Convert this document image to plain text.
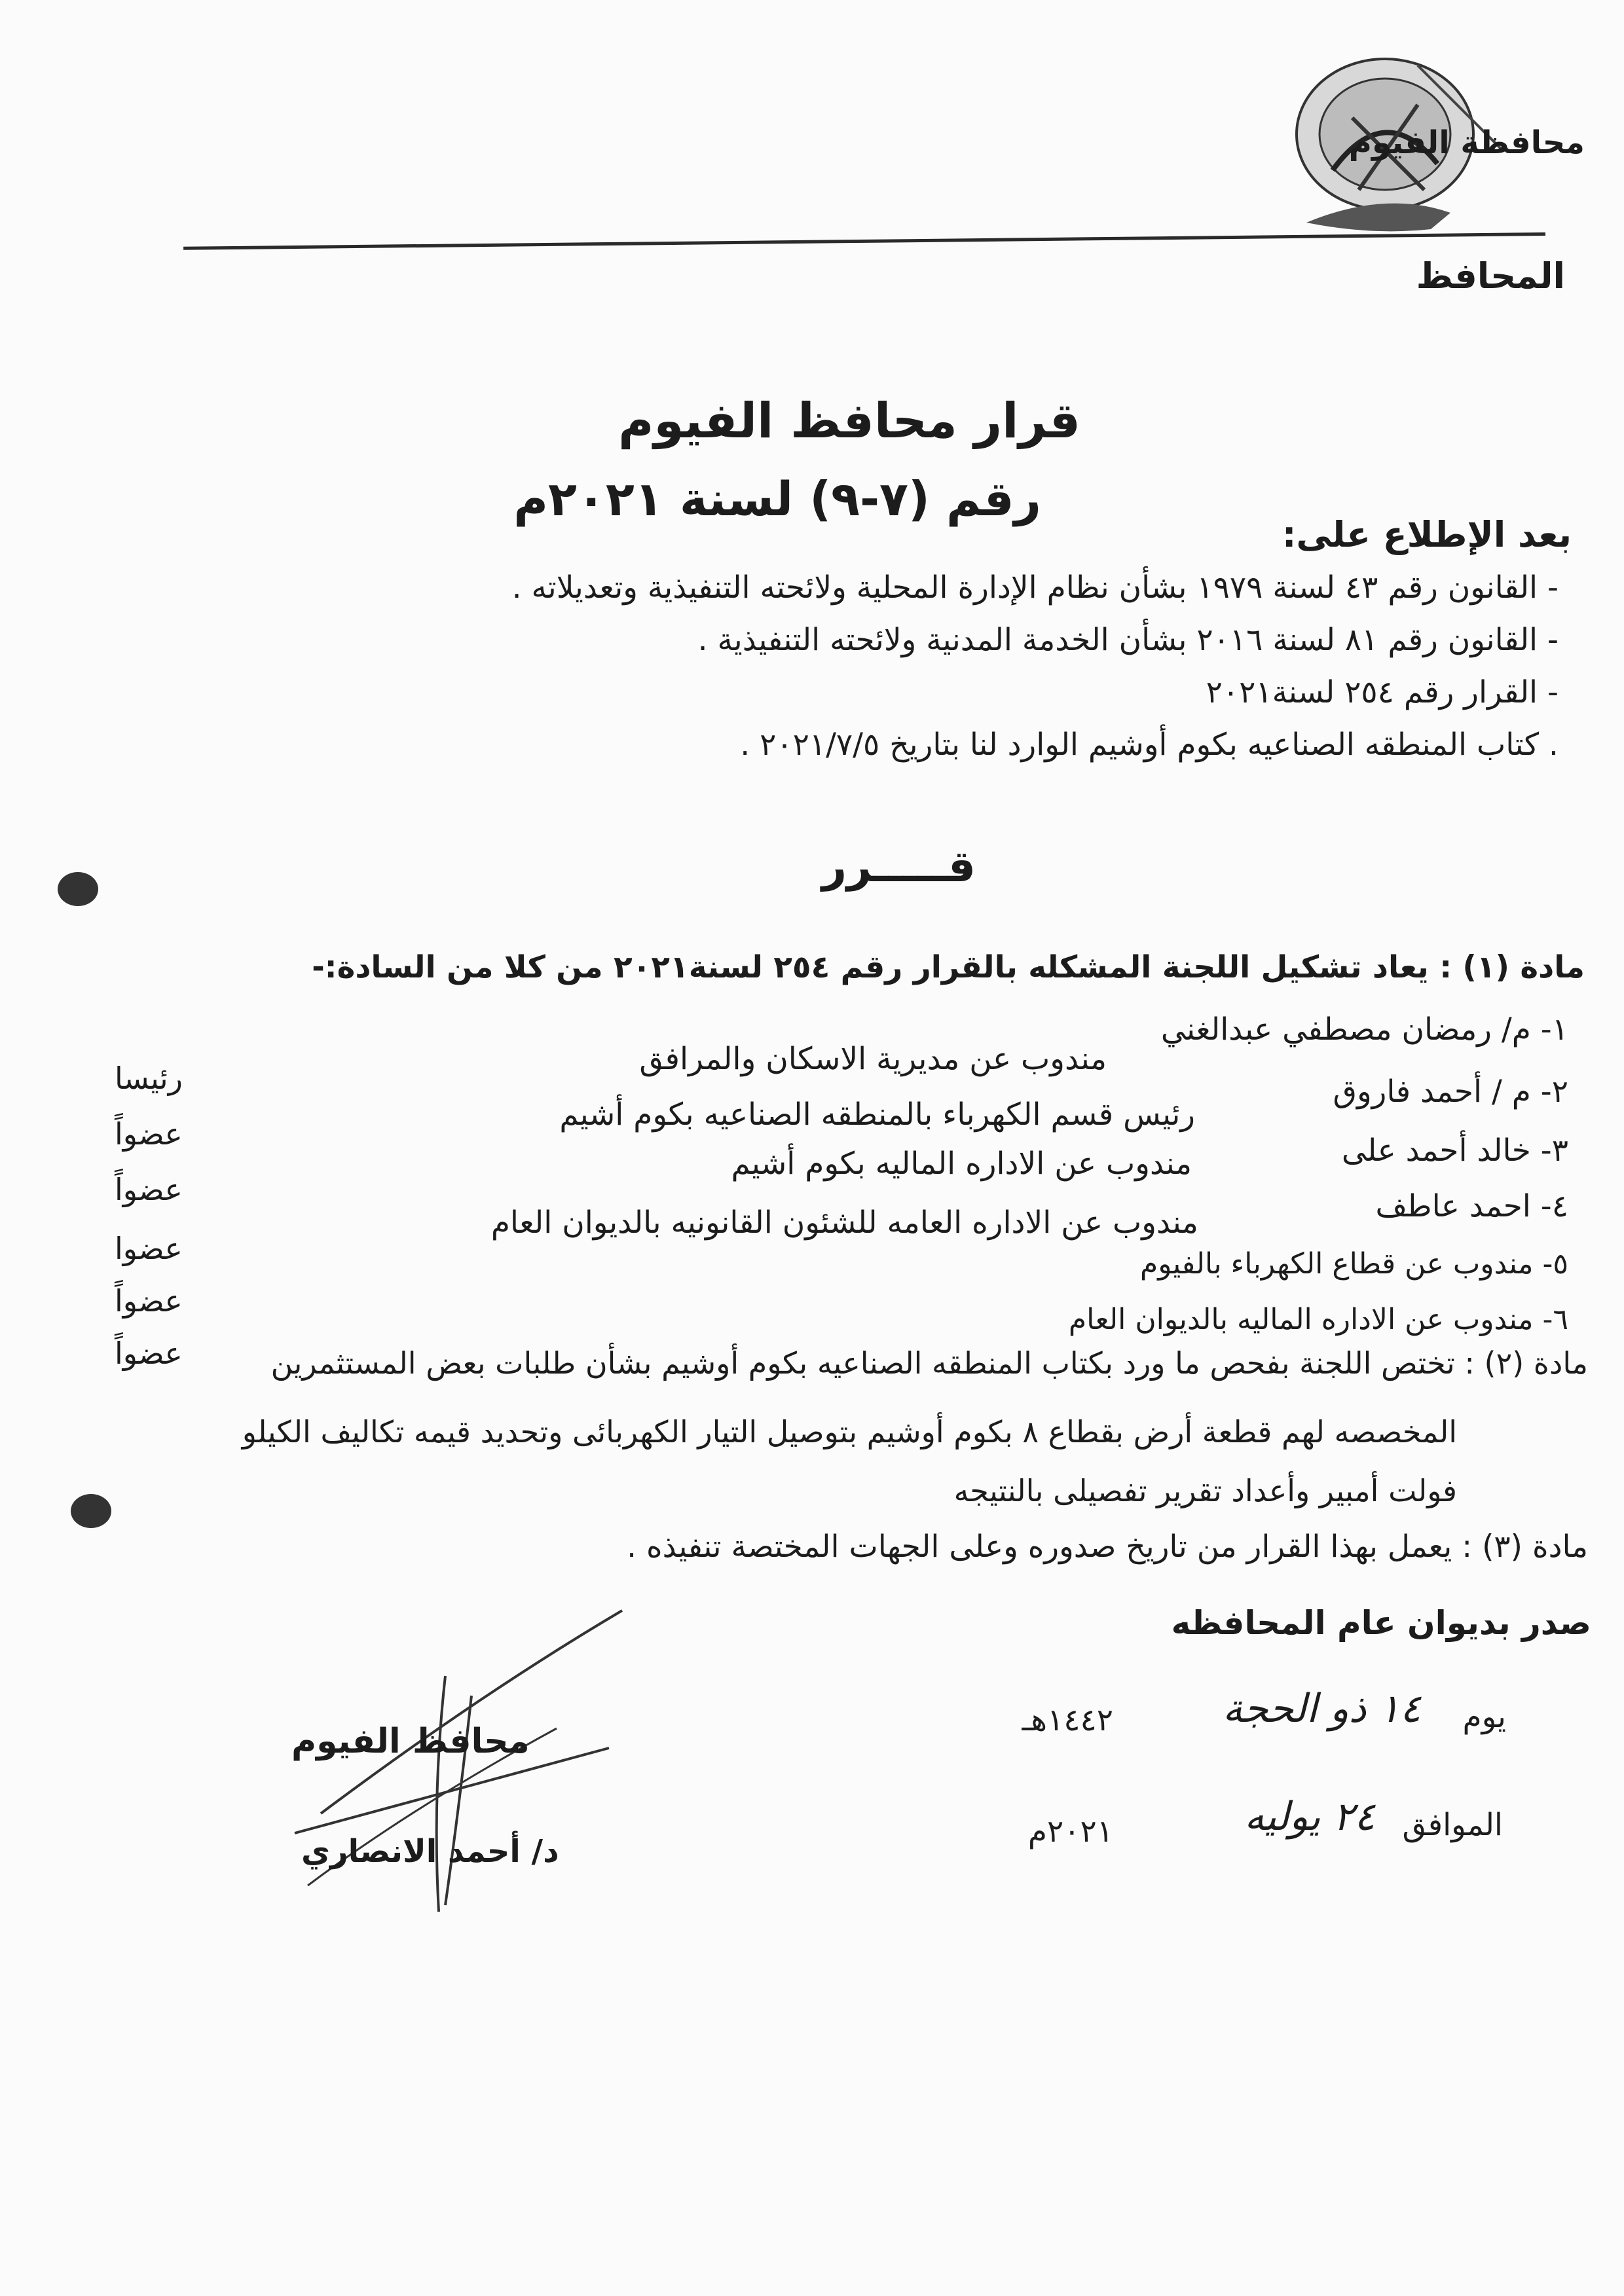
محافظة الفيوم
المحافظ
قرار محافظ الفيوم
رقم (٧-٩) لسنة ٢٠٢١م
بعد الإطلاع على:
- القانون رقم ٤٣ لسنة ١٩٧٩ بشأن نظام الإدارة المحلية ولائحته التنفيذية وتعديلاته .
- القانون رقم ٨١ لسنة ٢٠١٦ بشأن الخدمة المدنية ولائحته التنفيذية .
- القرار رقم ٢٥٤ لسنة٢٠٢١
. كتاب المنطقه الصناعيه بكوم أوشيم الوارد لنا بتاريخ ٢٠٢١/٧/٥ .
قـــــرر
مادة (١) : يعاد تشكيل اللجنة المشكله بالقرار رقم ٢٥٤ لسنة٢٠٢١ من كلا من السادة:-
١- م/ رمضان مصطفي عبدالغني
مندوب عن مديرية الاسكان والمرافق
٢- م / أحمد فاروق
رئيس قسم الكهرباء بالمنطقه الصناعيه بكوم أشيم
٣- خالد أحمد على
مندوب عن الاداره الماليه بكوم أشيم
٤- احمد عاطف
مندوب عن الاداره العامه للشئون القانونيه بالديوان العام
٥- مندوب عن قطاع الكهرباء بالفيوم
٦- مندوب عن الاداره الماليه بالديوان العام
رئيسا
عضواً
عضواً
عضوا
عضواً
عضواً	مادة (٢) : تختص اللجنة بفحص ما ورد بكتاب المنطقه الصناعيه بكوم أوشيم بشأن طلبات بعض المستثمرين
المخصصه لهم قطعة أرض بقطاع ٨ بكوم أوشيم بتوصيل التيار الكهربائى وتحديد قيمه تكاليف الكيلو
فولت أمبير وأعداد تقرير تفصيلى بالنتيجه
مادة (٣) : يعمل بهذا القرار من تاريخ صدوره وعلى الجهات المختصة تنفيذه .
صدر بديوان عام المحافظه
يوم
١٤ ذو الحجة
١٤٤٢هـ
الموافق
٢٤ يوليه
٢٠٢١م
محافظ الفيوم
د/ أحمد الانصاري
